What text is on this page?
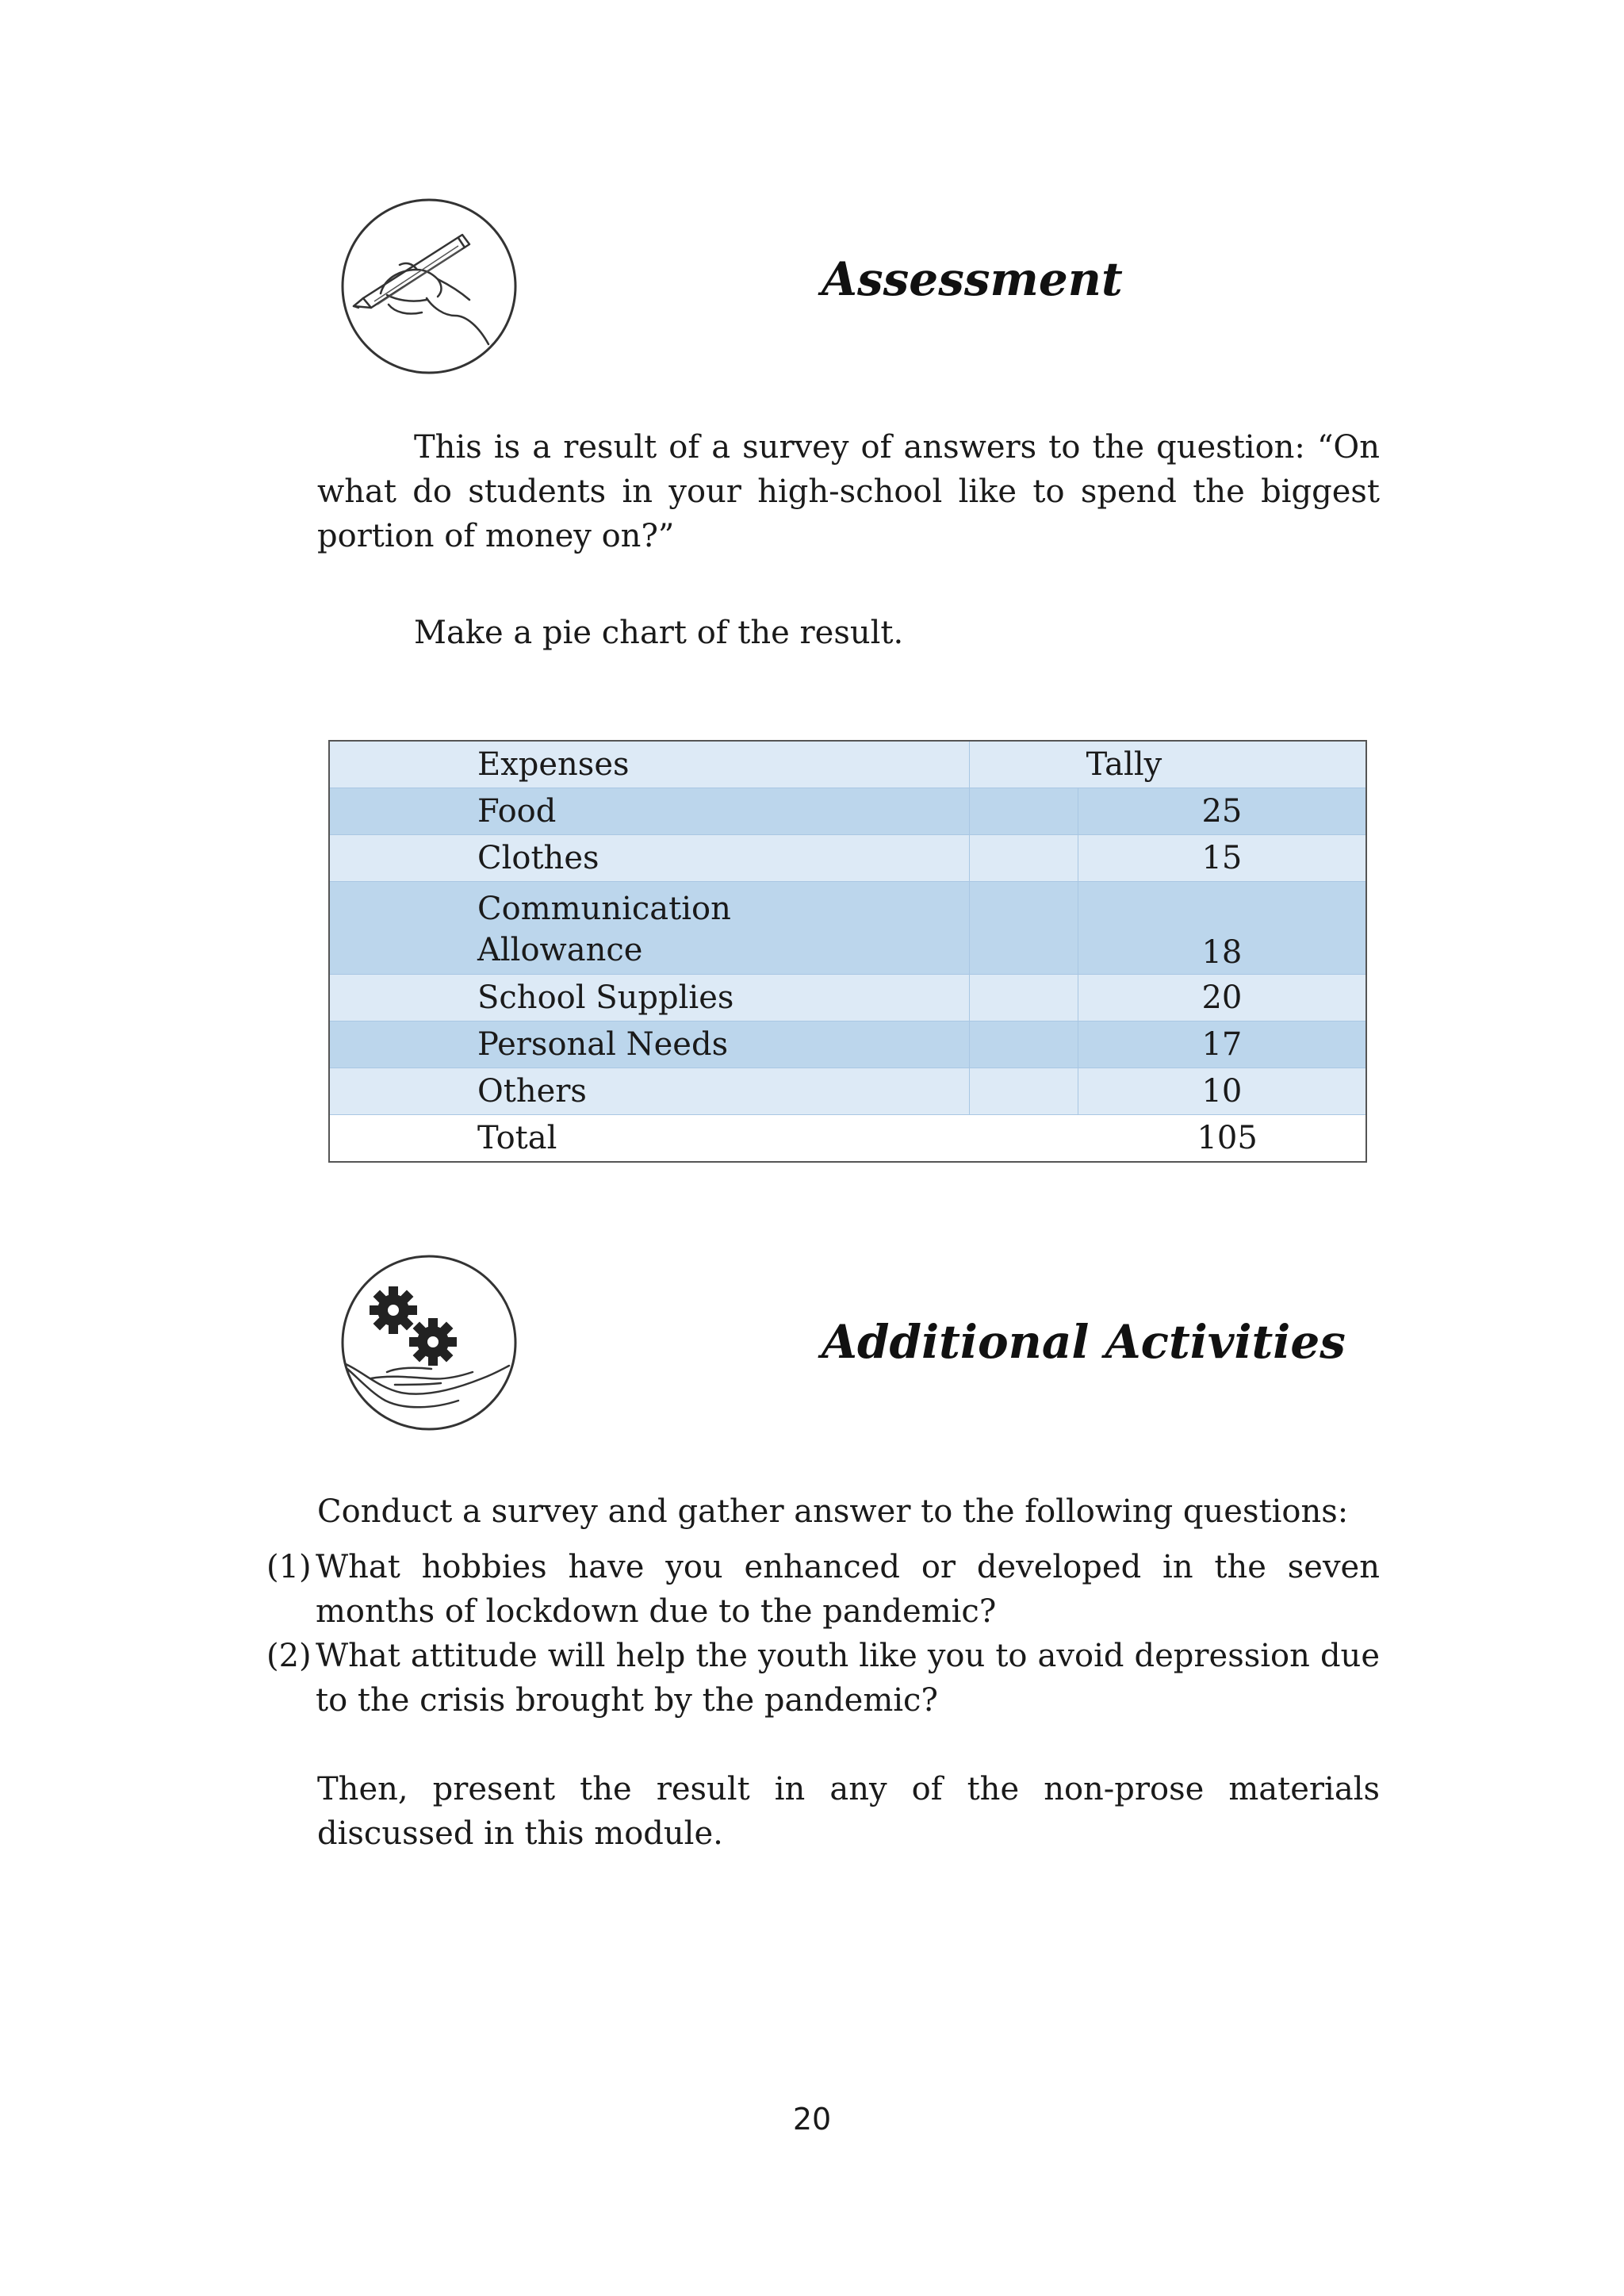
Assessment

This is a result of a survey of answers to the question: “On what do students in your high-school like to spend the biggest portion of money on?”

Make a pie chart of the result.

Expenses	Tally	
Food		25
Clothes		15
Communication Allowance		18
School Supplies		20
Personal Needs		17
Others		10
Total		105
Additional Activities

Conduct a survey and gather answer to the following questions:

(1) What hobbies have you enhanced or developed in the seven months of lockdown due to the pandemic?
(2) What attitude will help the youth like you to avoid depression due to the crisis brought by the pandemic?

Then, present the result in any of the non-prose materials discussed in this module.

20
